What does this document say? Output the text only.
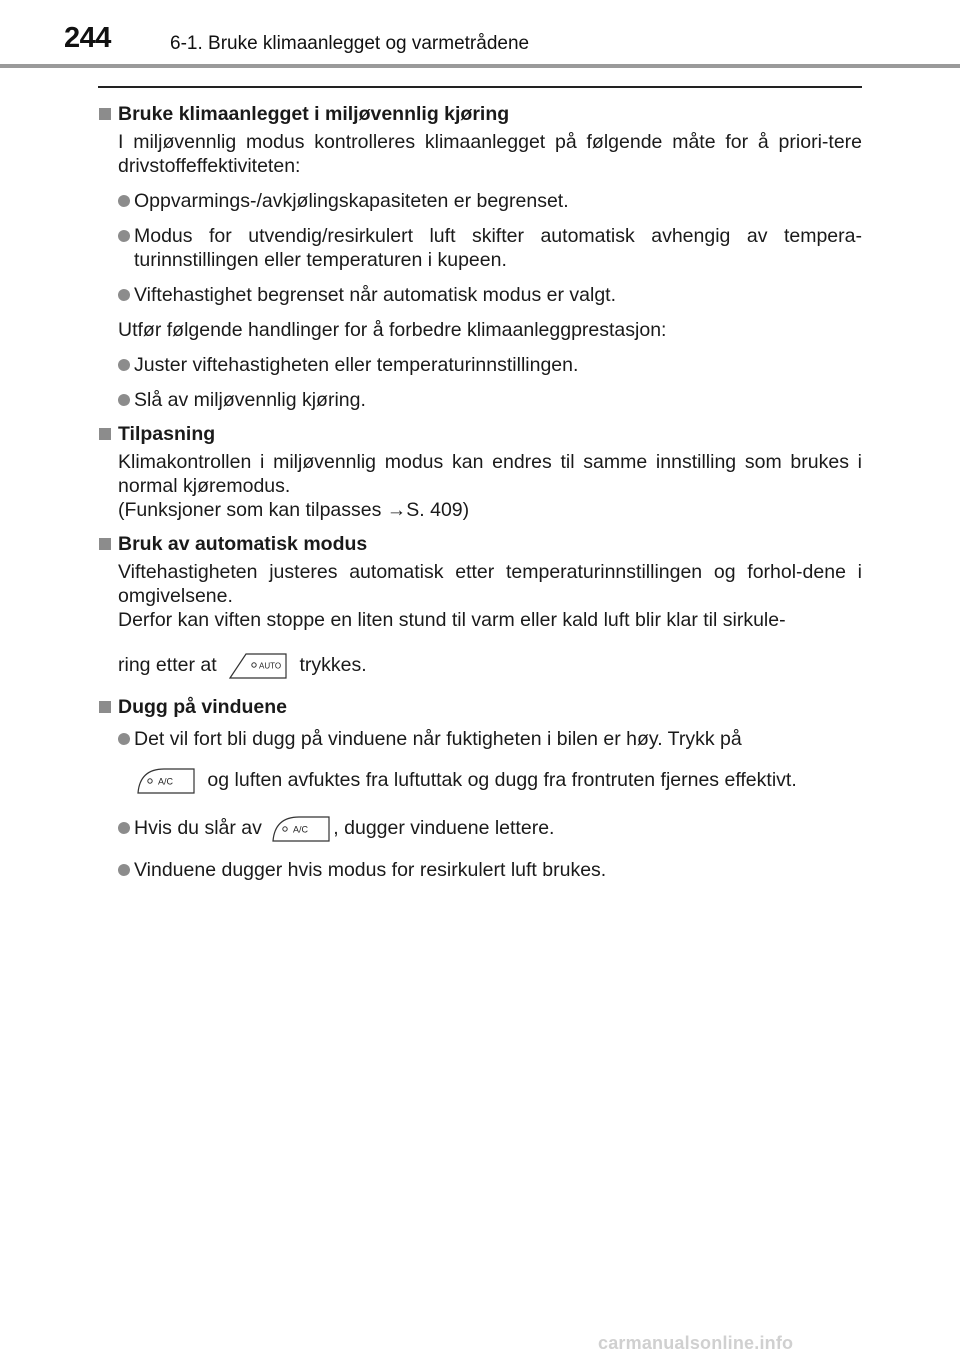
244	6-1. Bruke klimaanlegget og varmetrådene
Bruke klimaanlegget i miljøvennlig kjøring
I miljøvennlig modus kontrolleres klimaanlegget på følgende måte for å priori-tere drivstoffeffektiviteten:
Oppvarmings-/avkjølingskapasiteten er begrenset.
Modus for utvendig/resirkulert luft skifter automatisk avhengig av tempera-turinnstillingen eller temperaturen i kupeen.
Viftehastighet begrenset når automatisk modus er valgt.
Utfør følgende handlinger for å forbedre klimaanleggprestasjon:
Juster viftehastigheten eller temperaturinnstillingen.
Slå av miljøvennlig kjøring.
Tilpasning
Klimakontrollen i miljøvennlig modus kan endres til samme innstilling som brukes i normal kjøremodus.
(Funksjoner som kan tilpasses →S. 409)
Bruk av automatisk modus
Viftehastigheten justeres automatisk etter temperaturinnstillingen og forhol-dene i omgivelsene.
Derfor kan viften stoppe en liten stund til varm eller kald luft blir klar til sirkule-
ring etter at	AUTO trykkes.
Dugg på vinduene
Det vil fort bli dugg på vinduene når fuktigheten i bilen er høy. Trykk på
A/C og luften avfuktes fra luftuttak og dugg fra frontruten fjernes effektivt.
Hvis du slår av	A/C , dugger vinduene lettere.
Vinduene dugger hvis modus for resirkulert luft brukes.
carmanualsonline.info
